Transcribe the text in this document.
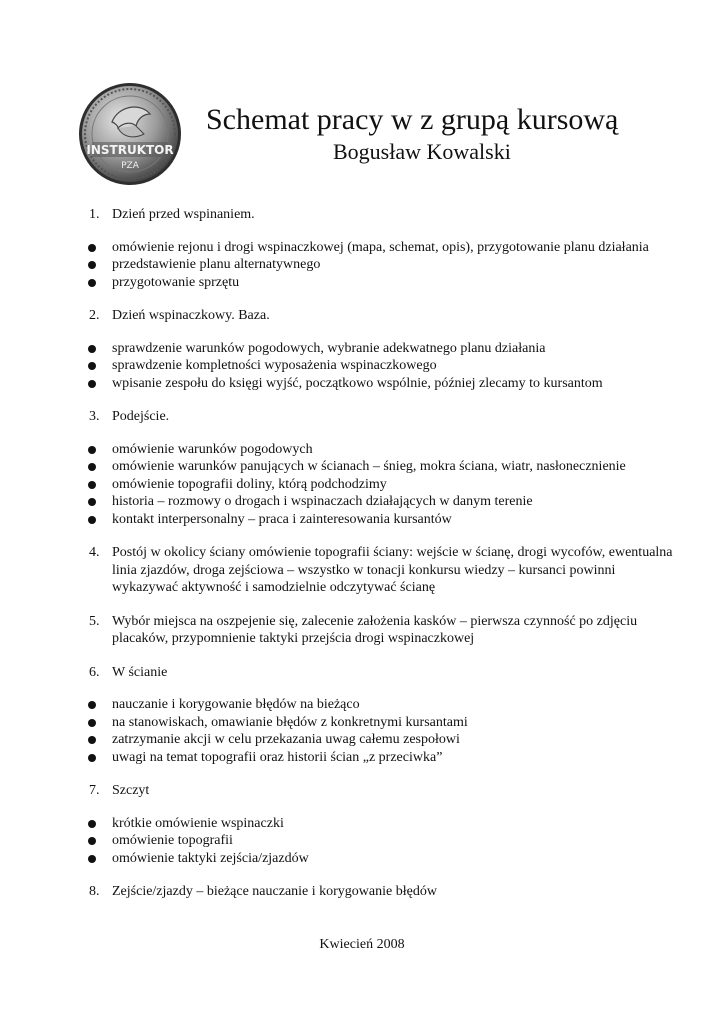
INSTRUKTOR
PZA
Schemat pracy w z grupą kursową
Bogusław Kowalski
1. Dzień przed wspinaniem.
omówienie rejonu i drogi wspinaczkowej (mapa, schemat, opis), przygotowanie planu działania
przedstawienie planu alternatywnego
przygotowanie sprzętu
2. Dzień wspinaczkowy. Baza.
sprawdzenie warunków pogodowych, wybranie adekwatnego planu działania
sprawdzenie kompletności wyposażenia wspinaczkowego
wpisanie zespołu do księgi wyjść, początkowo wspólnie, później zlecamy to kursantom
3. Podejście.
omówienie warunków pogodowych
omówienie warunków panujących w ścianach – śnieg, mokra ściana, wiatr, nasłonecznienie
omówienie topografii doliny, którą podchodzimy
historia – rozmowy o drogach i wspinaczach działających w danym terenie
kontakt interpersonalny – praca i zainteresowania kursantów
4. Postój w okolicy ściany omówienie topografii ściany: wejście w ścianę, drogi wycofów, ewentualna linia zjazdów, droga zejściowa – wszystko w tonacji konkursu wiedzy – kursanci powinni wykazywać aktywność i samodzielnie odczytywać ścianę
5. Wybór miejsca na oszpejenie się, zalecenie założenia kasków – pierwsza czynność po zdjęciu placaków, przypomnienie taktyki przejścia drogi wspinaczkowej
6. W ścianie
nauczanie i korygowanie błędów na bieżąco
na stanowiskach, omawianie błędów z konkretnymi kursantami
zatrzymanie akcji w celu przekazania uwag całemu zespołowi
uwagi na temat topografii oraz historii ścian „z przeciwka”
7. Szczyt
krótkie omówienie wspinaczki
omówienie topografii
omówienie taktyki zejścia/zjazdów
8. Zejście/zjazdy – bieżące nauczanie i korygowanie błędów
Kwiecień 2008
